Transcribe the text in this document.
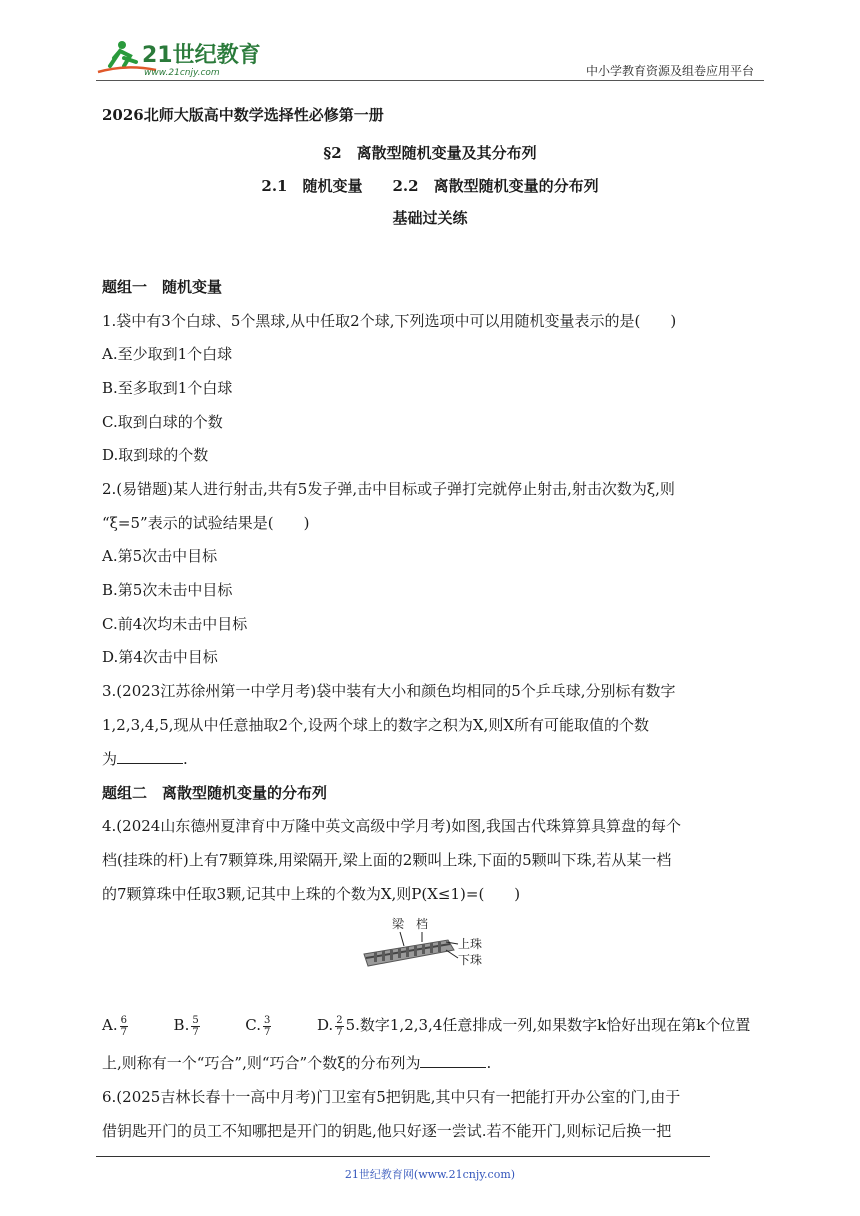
21世纪教育
www.21cnjy.com	中小学教育资源及组卷应用平台
2026北师大版高中数学选择性必修第一册
§2　离散型随机变量及其分布列
2.1　随机变量　　2.2　离散型随机变量的分布列
基础过关练
题组一　随机变量
1.袋中有3个白球、5个黑球,从中任取2个球,下列选项中可以用随机变量表示的是(　　)
A.至少取到1个白球
B.至多取到1个白球
C.取到白球的个数
D.取到球的个数
2.(易错题)某人进行射击,共有5发子弹,击中目标或子弹打完就停止射击,射击次数为ξ,则
“ξ=5”表示的试验结果是(　　)
A.第5次击中目标
B.第5次未击中目标
C.前4次均未击中目标
D.第4次击中目标
3.(2023江苏徐州第一中学月考)袋中装有大小和颜色均相同的5个乒乓球,分别标有数字
1,2,3,4,5,现从中任意抽取2个,设两个球上的数字之积为X,则X所有可能取值的个数
为	.
题组二　离散型随机变量的分布列
4.(2024山东德州夏津育中万隆中英文高级中学月考)如图,我国古代珠算算具算盘的每个
档(挂珠的杆)上有7颗算珠,用梁隔开,梁上面的2颗叫上珠,下面的5颗叫下珠,若从某一档
的7颗算珠中任取3颗,记其中上珠的个数为X,则P(X≤1)=(　　)
梁 档
上珠
下珠
A. $\frac{6}{7}$	B. $\frac{5}{7}$	C. $\frac{3}{7}$	D. $\frac{2}{7} 5$.数字1,2,3,4任意排成一列,如果数字k恰好出现在第k个位置
上,则称有一个“巧合”,则“巧合”个数ξ的分布列为	.
6.(2025吉林长春十一高中月考)门卫室有5把钥匙,其中只有一把能打开办公室的门,由于
借钥匙开门的员工不知哪把是开门的钥匙,他只好逐一尝试.若不能开门,则标记后换一把
21世纪教育网(www.21cnjy.com)
